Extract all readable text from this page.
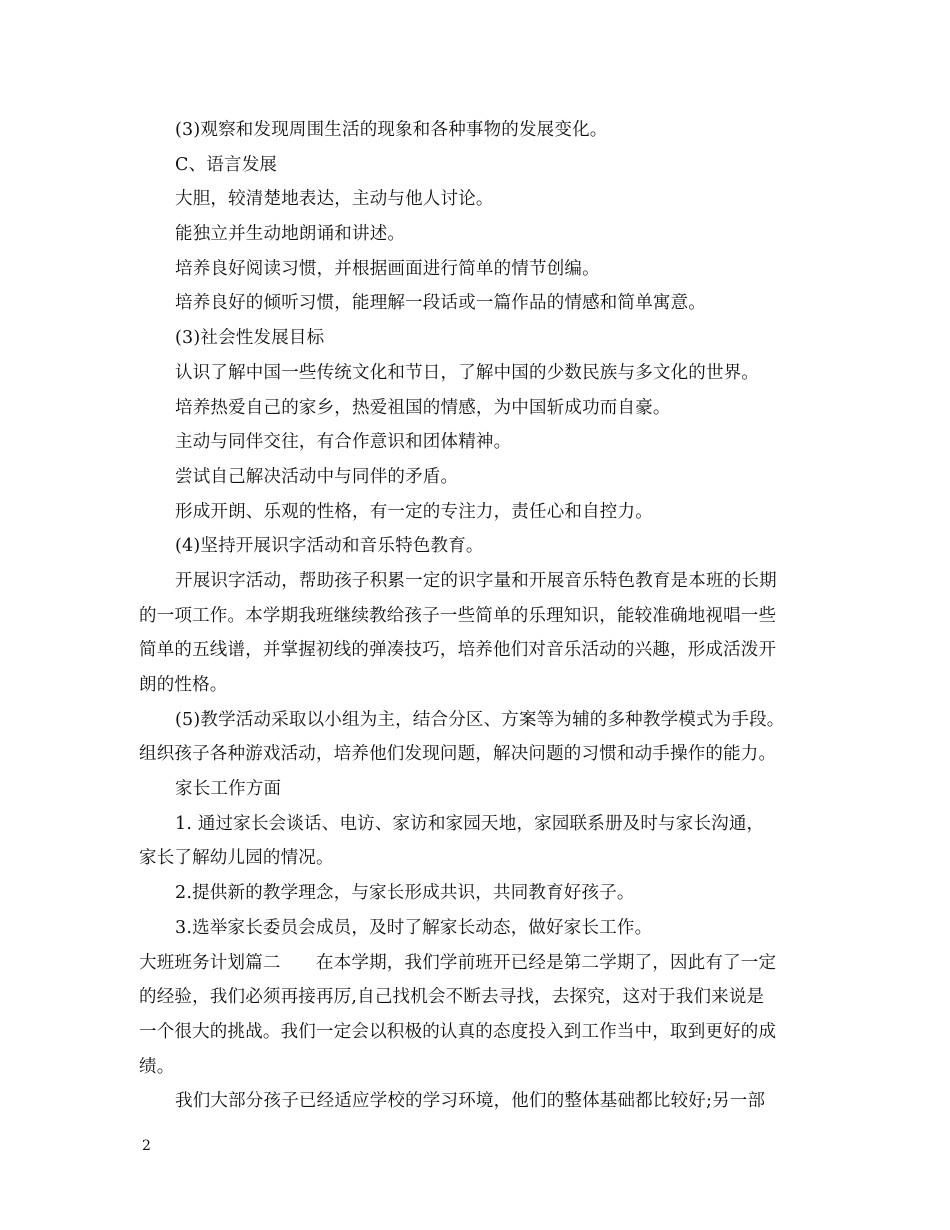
(3)观察和发现周围生活的现象和各种事物的发展变化。

C、语言发展

大胆，较清楚地表达，主动与他人讨论。

能独立并生动地朗诵和讲述。

培养良好阅读习惯，并根据画面进行简单的情节创编。

培养良好的倾听习惯，能理解一段话或一篇作品的情感和简单寓意。

(3)社会性发展目标

认识了解中国一些传统文化和节日，了解中国的少数民族与多文化的世界。

培养热爱自己的家乡，热爱祖国的情感，为中国斩成功而自豪。

主动与同伴交往，有合作意识和团体精神。

尝试自己解决活动中与同伴的矛盾。

形成开朗、乐观的性格，有一定的专注力，责任心和自控力。

(4)坚持开展识字活动和音乐特色教育。

开展识字活动，帮助孩子积累一定的识字量和开展音乐特色教育是本班的长期

的一项工作。本学期我班继续教给孩子一些简单的乐理知识，能较准确地视唱一些

简单的五线谱，并掌握初线的弹凑技巧，培养他们对音乐活动的兴趣，形成活泼开

朗的性格。

(5)教学活动采取以小组为主，结合分区、方案等为辅的多种教学模式为手段。

组织孩子各种游戏活动，培养他们发现问题，解决问题的习惯和动手操作的能力。

家长工作方面

1. 通过家长会谈话、电访、家访和家园天地，家园联系册及时与家长沟通，

家长了解幼儿园的情况。

2.提供新的教学理念，与家长形成共识，共同教育好孩子。

3.选举家长委员会成员，及时了解家长动态，做好家长工作。

大班班务计划篇二　　在本学期，我们学前班开已经是第二学期了，因此有了一定

的经验，我们必须再接再厉,自己找机会不断去寻找，去探究，这对于我们来说是

一个很大的挑战。我们一定会以积极的认真的态度投入到工作当中，取到更好的成

绩。

我们大部分孩子已经适应学校的学习环境，他们的整体基础都比较好;另一部

2
